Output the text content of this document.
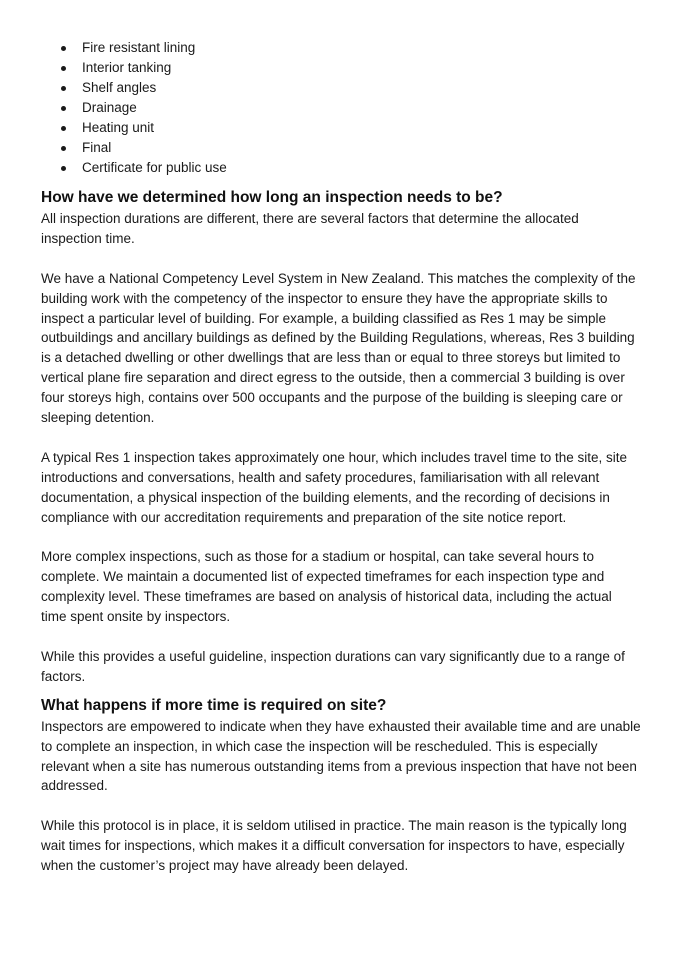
Fire resistant lining
Interior tanking
Shelf angles
Drainage
Heating unit
Final
Certificate for public use
How have we determined how long an inspection needs to be?

All inspection durations are different, there are several factors that determine the allocated inspection time.

We have a National Competency Level System in New Zealand. This matches the complexity of the building work with the competency of the inspector to ensure they have the appropriate skills to inspect a particular level of building. For example, a building classified as Res 1 may be simple outbuildings and ancillary buildings as defined by the Building Regulations, whereas, Res 3 building is a detached dwelling or other dwellings that are less than or equal to three storeys but limited to vertical plane fire separation and direct egress to the outside, then a commercial 3 building is over four storeys high, contains over 500 occupants and the purpose of the building is sleeping care or sleeping detention.

A typical Res 1 inspection takes approximately one hour, which includes travel time to the site, site introductions and conversations, health and safety procedures, familiarisation with all relevant documentation, a physical inspection of the building elements, and the recording of decisions in compliance with our accreditation requirements and preparation of the site notice report.

More complex inspections, such as those for a stadium or hospital, can take several hours to complete. We maintain a documented list of expected timeframes for each inspection type and complexity level. These timeframes are based on analysis of historical data, including the actual time spent onsite by inspectors.

While this provides a useful guideline, inspection durations can vary significantly due to a range of factors.

What happens if more time is required on site?

Inspectors are empowered to indicate when they have exhausted their available time and are unable to complete an inspection, in which case the inspection will be rescheduled. This is especially relevant when a site has numerous outstanding items from a previous inspection that have not been addressed.

While this protocol is in place, it is seldom utilised in practice. The main reason is the typically long wait times for inspections, which makes it a difficult conversation for inspectors to have, especially when the customer’s project may have already been delayed.
